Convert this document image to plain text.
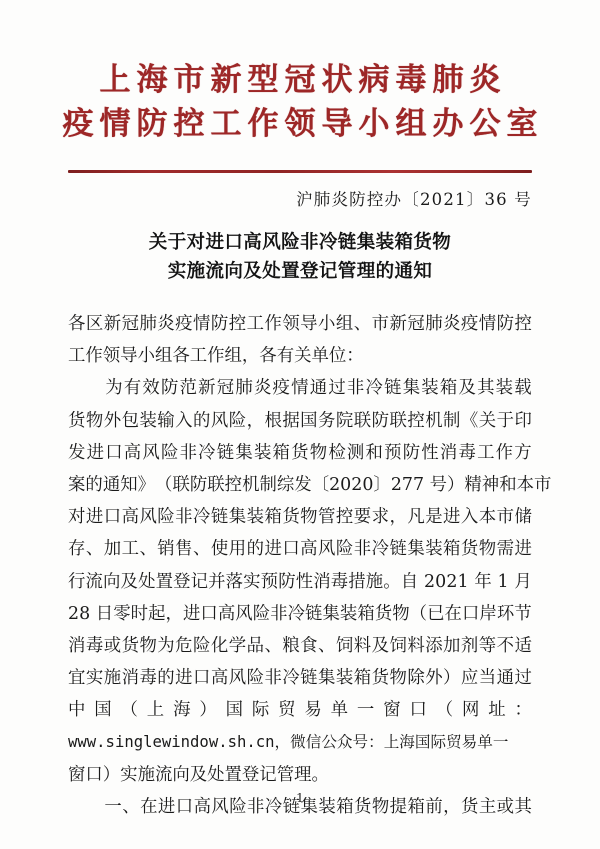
上海市新型冠状病毒肺炎
疫情防控工作领导小组办公室
沪肺炎防控办〔2021〕36 号
关于对进口高风险非冷链集装箱货物
实施流向及处置登记管理的通知
各 区 新 冠 肺 炎 疫 情 防 控 工 作 领 导 小 组 、 市 新 冠 肺 炎 疫 情 防 控
工作领导小组各工作组，各有关单位：

为 有 效 防 范 新 冠 肺 炎 疫 情 通 过 非 冷 链 集 装 箱 及 其 装 载
货 物 外 包 装 输 入 的 风 险 ， 根 据 国 务 院 联 防 联 控 机 制 《 关 于 印
发 进 口 高 风 险 非 冷 链 集 装 箱 货 物 检 测 和 预 防 性 消 毒 工 作 方
案 的 通 知 》 （ 联 防 联 控 机 制 综 发 〔 2 0 2 0 〕 2 7 7
号 ） 精 神 和 本 市
对 进 口 高 风 险 非 冷 链 集 装 箱 货 物 管 控 要 求 ， 凡 是 进 入 本 市 储
存 、 加 工 、 销 售 、 使 用 的 进 口 高 风 险 非 冷 链 集 装 箱 货 物 需 进
行 流 向 及 处 置 登 记 并 落 实 预 防 性 消 毒 措 施 。 自
2 0 2 1
年
1
月
2 8
日 零 时 起 ， 进 口 高 风 险 非 冷 链 集 装 箱 货 物 （ 已 在 口 岸 环 节
消 毒 或 货 物 为 危 险 化 学 品 、 粮 食 、 饲 料 及 饲 料 添 加 剂 等 不 适
宜 实 施 消 毒 的 进 口 高 风 险 非 冷 链 集 装 箱 货 物 除 外 ） 应 当 通 过
中 国 （ 上 海 ） 国 际 贸 易 单 一 窗 口 （ 网 址 ：
www.singlewindow.sh.cn，微信公众号：上海国际贸易单一
窗口）实施流向及处置登记管理。

一 、 在 进 口 高 风 险 非 冷 链 集 装 箱 货 物 提 箱 前 ， 货 主 或 其
1
